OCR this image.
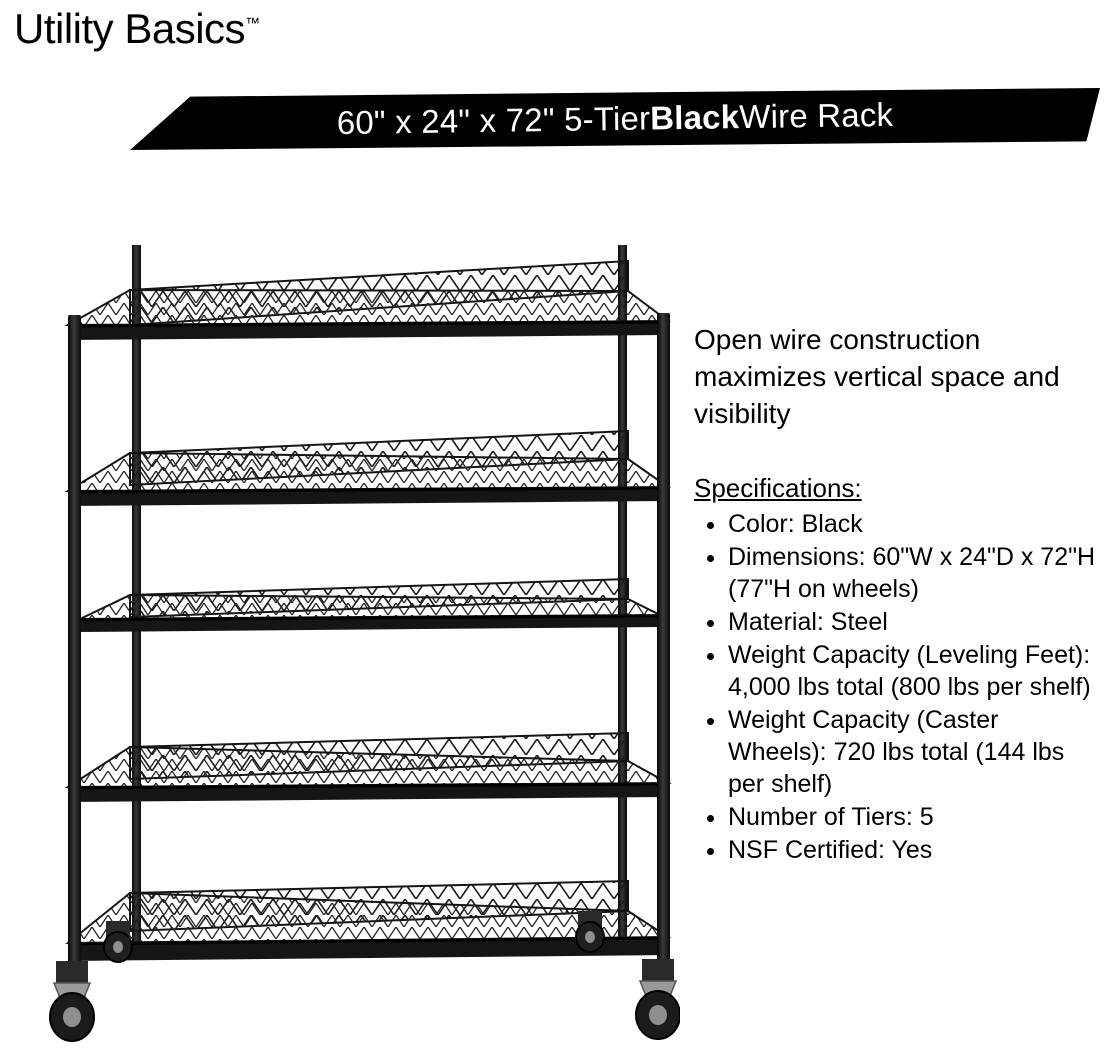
Utility Basics™
60" x 24" x 72" 5-Tier Black Wire Rack

Open wire construction maximizes vertical space and visibility

Specifications:

• Color: Black
• Dimensions: 60"W x 24"D x 72"H (77"H on wheels)
• Material: Steel
• Weight Capacity (Leveling Feet): 4,000 lbs total (800 lbs per shelf)
• Weight Capacity (Caster Wheels): 720 lbs total (144 lbs per shelf)
• Number of Tiers: 5
• NSF Certified: Yes
